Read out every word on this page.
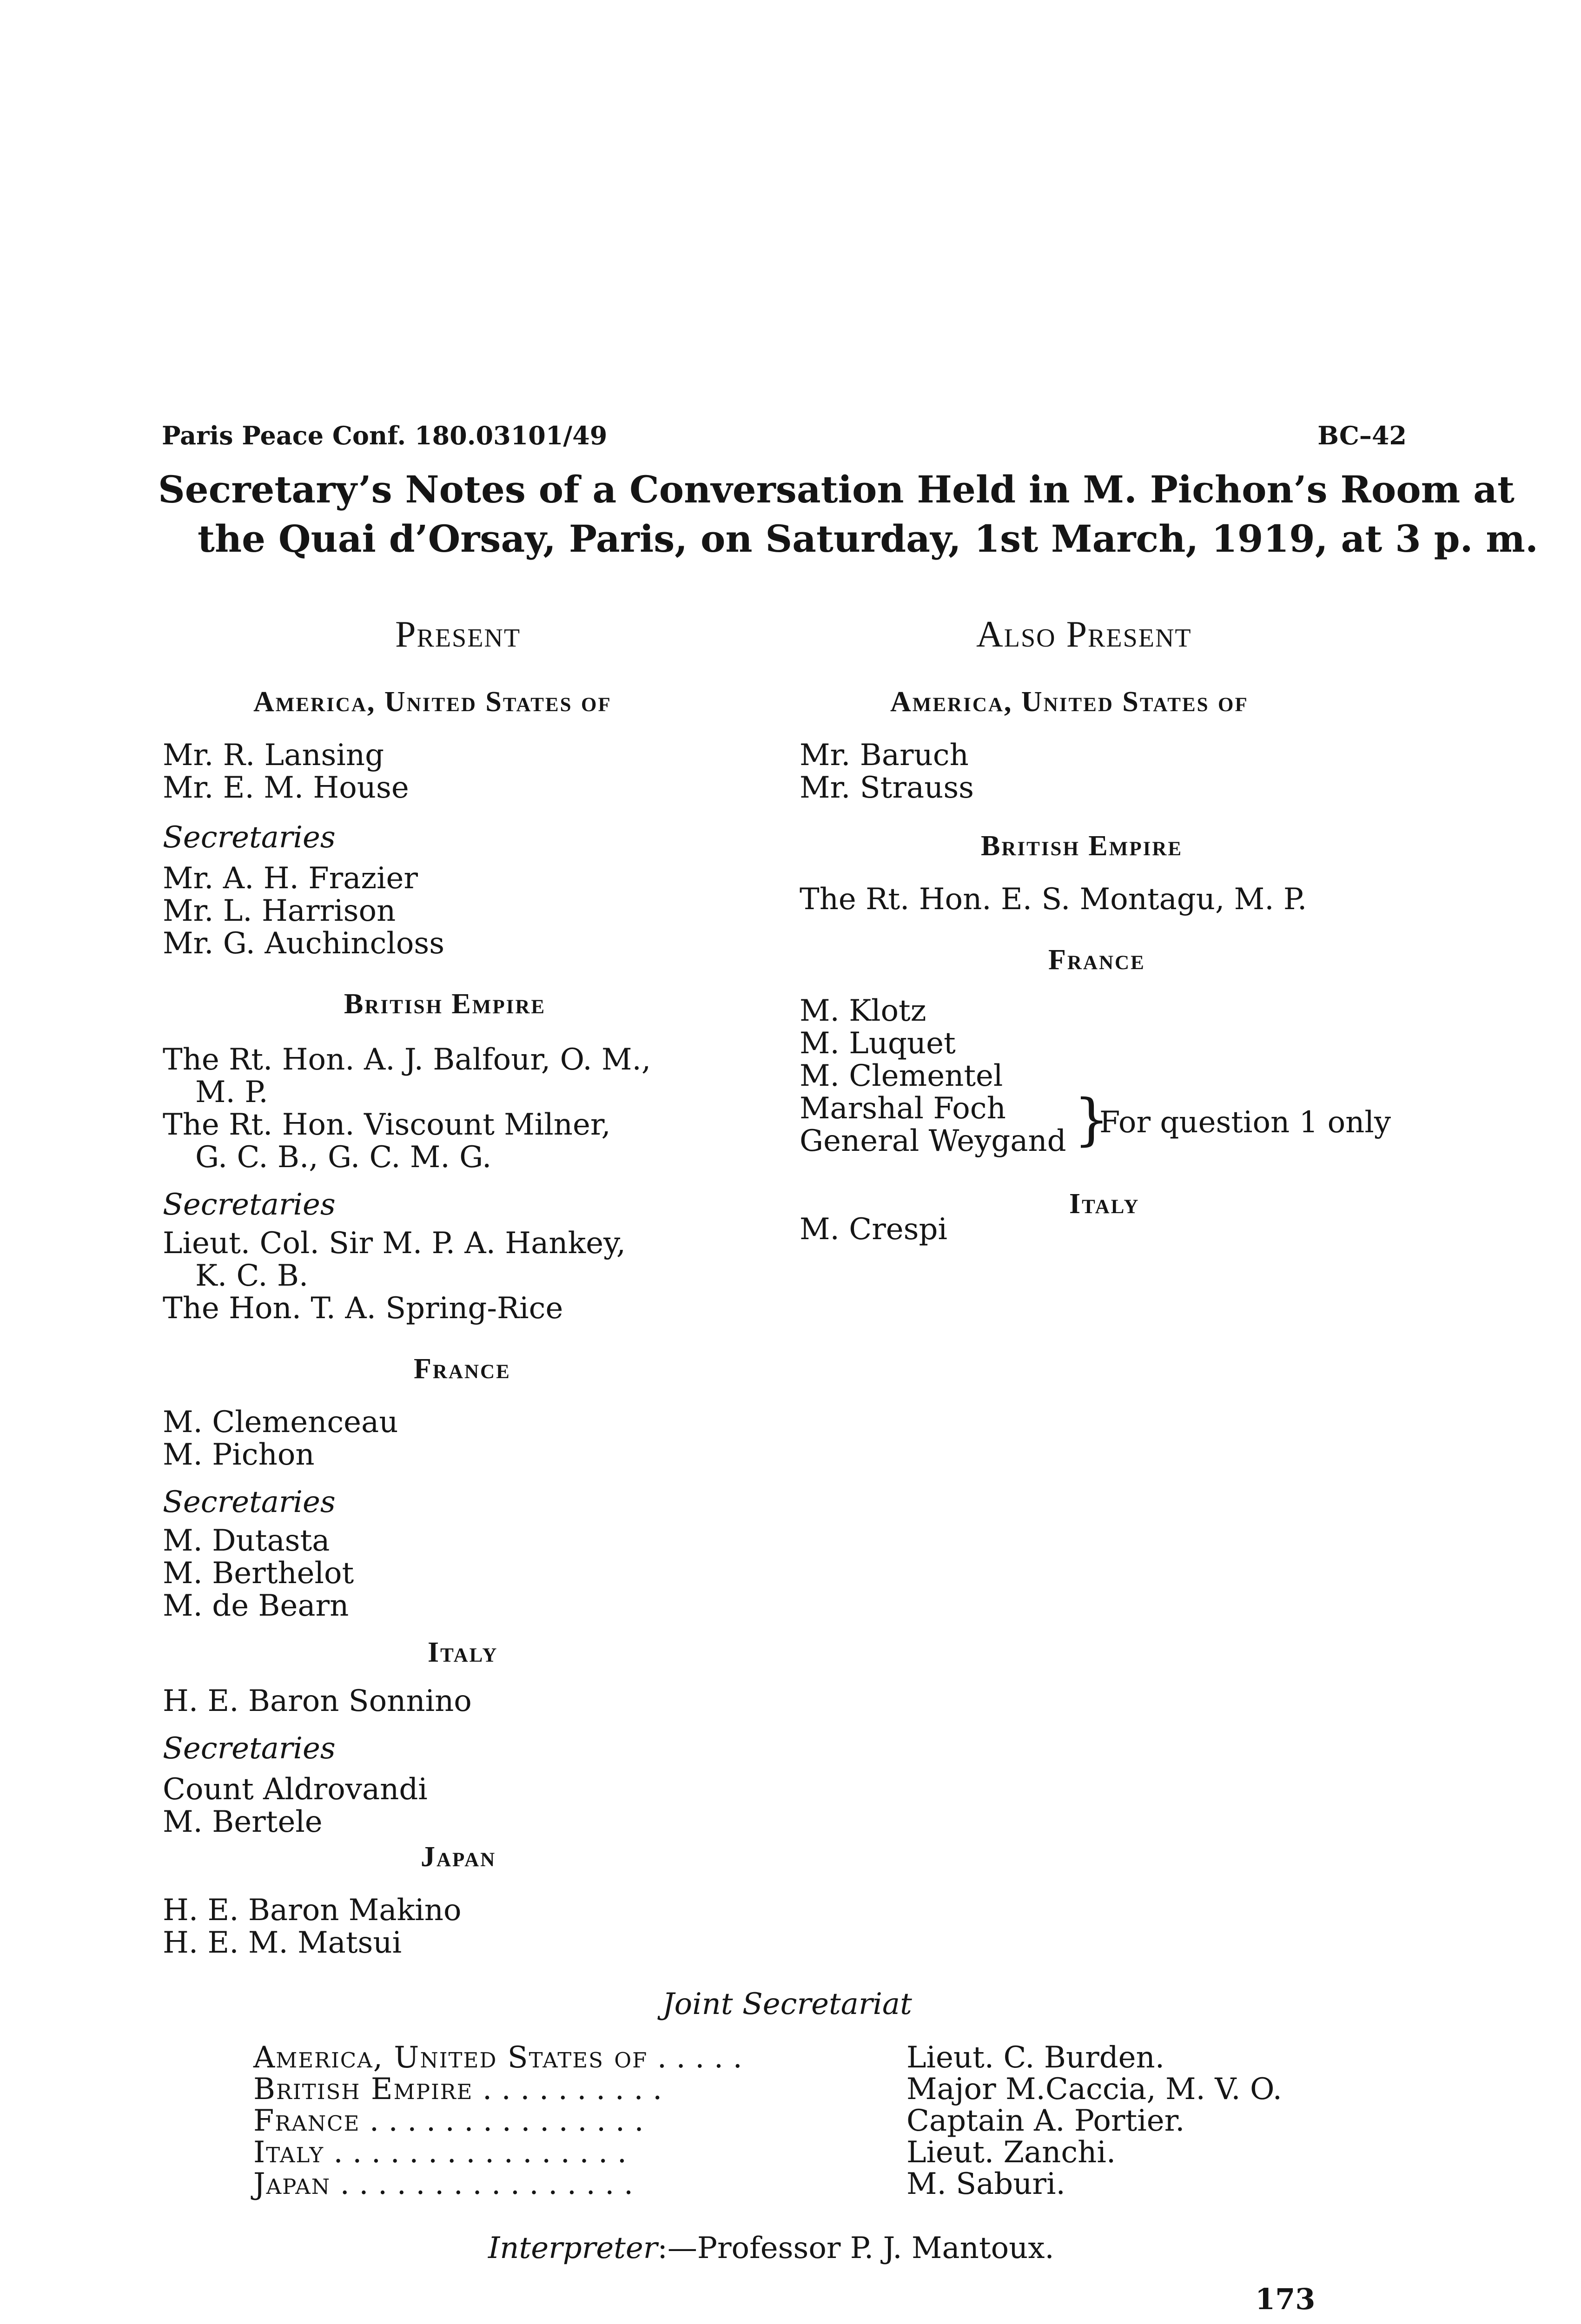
Paris Peace Conf. 180.03101/49	BC–42
Secretary’s Notes of a Conversation Held in M. Pichon’s Room at
the Quai d’Orsay, Paris, on Saturday, 1st March, 1919, at 3 p. m.
Present
America, United States of
Mr. R. Lansing
Mr. E. M. House
Secretaries
Mr. A. H. Frazier
Mr. L. Harrison
Mr. G. Auchincloss
British Empire
The Rt. Hon. A. J. Balfour, O. M.,
M. P.
The Rt. Hon. Viscount Milner,
G. C. B., G. C. M. G.
Secretaries
Lieut. Col. Sir M. P. A. Hankey,
K. C. B.
The Hon. T. A. Spring-Rice
France
M. Clemenceau
M. Pichon
Secretaries
M. Dutasta
M. Berthelot
M. de Bearn
Italy
H. E. Baron Sonnino
Secretaries
Count Aldrovandi
M. Bertele
Japan
H. E. Baron Makino
H. E. M. Matsui
Also Present
America, United States of
Mr. Baruch
Mr. Strauss
British Empire
The Rt. Hon. E. S. Montagu, M. P.
France
M. Klotz
M. Luquet
M. Clementel
Marshal Foch
General Weygand }
For question 1 only
Italy
M. Crespi
Joint Secretariat
America, United States of . . . . .	Lieut. C. Burden.
British Empire . . . . . . . . . .	Major M.Caccia, M. V. O.
France . . . . . . . . . . . . . . .	Captain A. Portier.
Italy . . . . . . . . . . . . . . . .	Lieut. Zanchi.
Japan . . . . . . . . . . . . . . . .	M. Saburi.
Interpreter:—Professor P. J. Mantoux.
173
